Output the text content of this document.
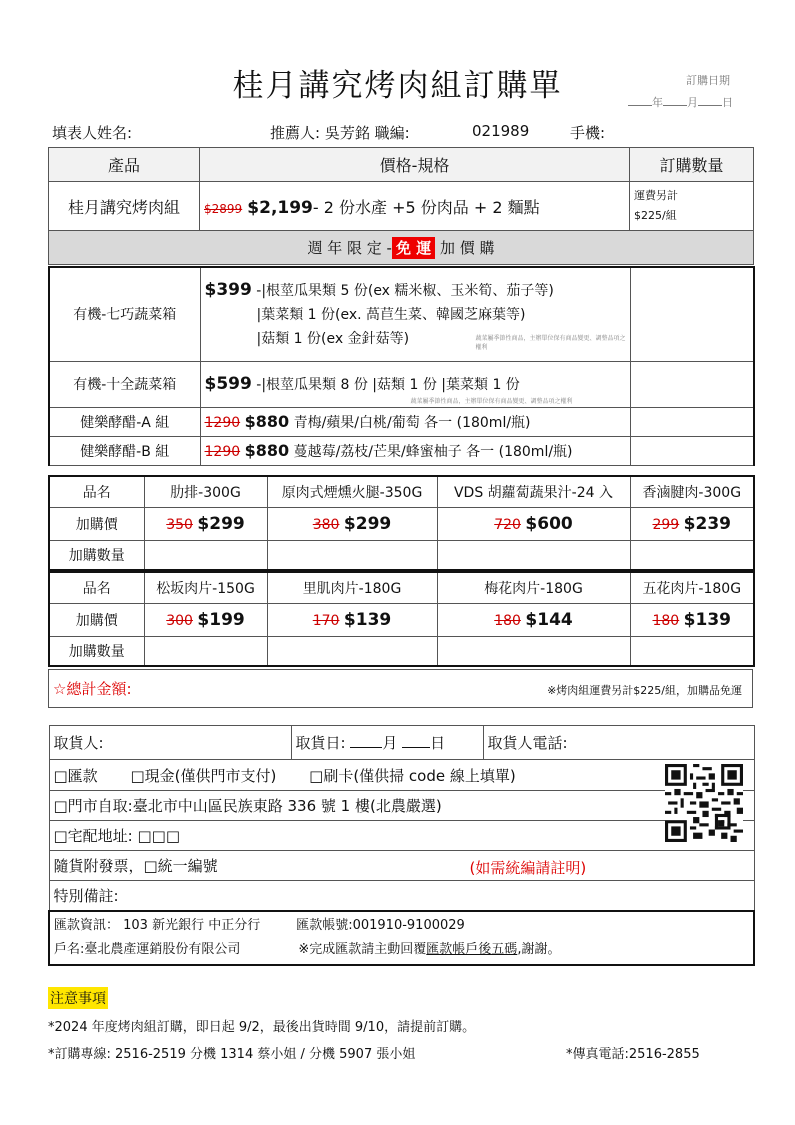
桂月講究烤肉組訂購單	訂購日期
年 月 日
填表人姓名:	推薦人: 吳芳銘 職編:	021989	手機:
產品	價格-規格	訂購數量
桂月講究烤肉組	$2899 $2,199- 2 份水產 +5 份肉品 + 2 麵點	運費另計
$225/組

週 年 限 定 - 免 運 加 價 購		
有機-七巧蔬菜箱	$399 -|根莖瓜果類 5 份(ex 糯米椒、玉米筍、茄子等)
|葉菜類 1 份(ex. 萵苣生菜、韓國芝麻葉等)
|菇類 1 份(ex 金針菇等) 蔬菜屬季節性商品，主辦單位保有商品變更、調整品項之權利	

有機-十全蔬菜箱	$599 -|根莖瓜果類 8 份 |菇類 1 份 |葉菜類 1 份
蔬菜屬季節性商品，主辦單位保有商品變更、調整品項之權利	

健樂酵醋-A 組	1290 $880 青梅/蘋果/白桃/葡萄 各一 (180ml/瓶)	
健樂酵醋-B 組	1290 $880 蔓越莓/荔枝/芒果/蜂蜜柚子 各一 (180ml/瓶)	
品名	肋排-300G	原肉式煙燻火腿-350G	VDS 胡蘿蔔蔬果汁-24 入	香滷腱肉-300G
加購價	350 $299	380 $299	720 $600	299 $239
加購數量				
品名	松坂肉片-150G	里肌肉片-180G	梅花肉片-180G	五花肉片-180G
加購價	300 $199	170 $139	180 $144	180 $139
加購數量				
☆總計金額:	※烤肉組運費另計$225/組，加購品免運
取貨人:	取貨日: 月 日	取貨人電話:
□匯款 □現金(僅供門市支付) □刷卡(僅供掃 code 線上填單)
□門市自取:臺北市中山區民族東路 336 號 1 樓(北農嚴選)
□宅配地址: □□□
隨貨附發票，□統一編號	(如需統編請註明)

特別備註:

匯款資訊： 103 新光銀行 中正分行	匯款帳號:001910-9100029
戶名:臺北農產運銷股份有限公司	※完成匯款請主動回覆匯款帳戶後五碼,謝謝。
注意事項
*2024 年度烤肉組訂購，即日起 9/2，最後出貨時間 9/10，請提前訂購。
*訂購專線: 2516-2519 分機 1314 蔡小姐 / 分機 5907 張小姐	*傳真電話:2516-2855
